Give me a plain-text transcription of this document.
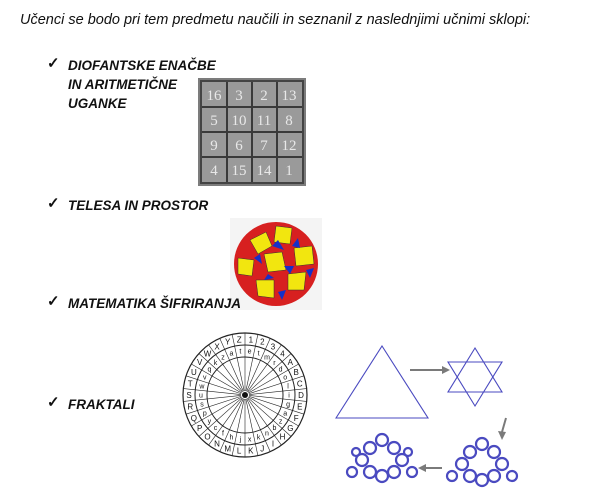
Učenci se bodo pri tem predmetu naučili in seznanil z naslednjimi učnimi sklopi:
✓ DIOFANTSKE ENAČBE
IN ARITMETIČNE
UGANKE	16 3 2 13
5 10 11 8
9 6 7 12
4 15 14 1
✓ TELESA IN PROSTOR
✓ MATEMATIKA ŠIFRIRANJA
1 2
3
4
A
B
C
D
E
F
G
H
I
J
K
L
M
N
O
P
Q
R
S
T
U
V
W
X
Y Z
e t
m
r
d
o
l
i
g
a
z
b
n
k
x
j
h
f
c
y
p
s
u
w
v
q
k
z
a t
✓ FRAKTALI
